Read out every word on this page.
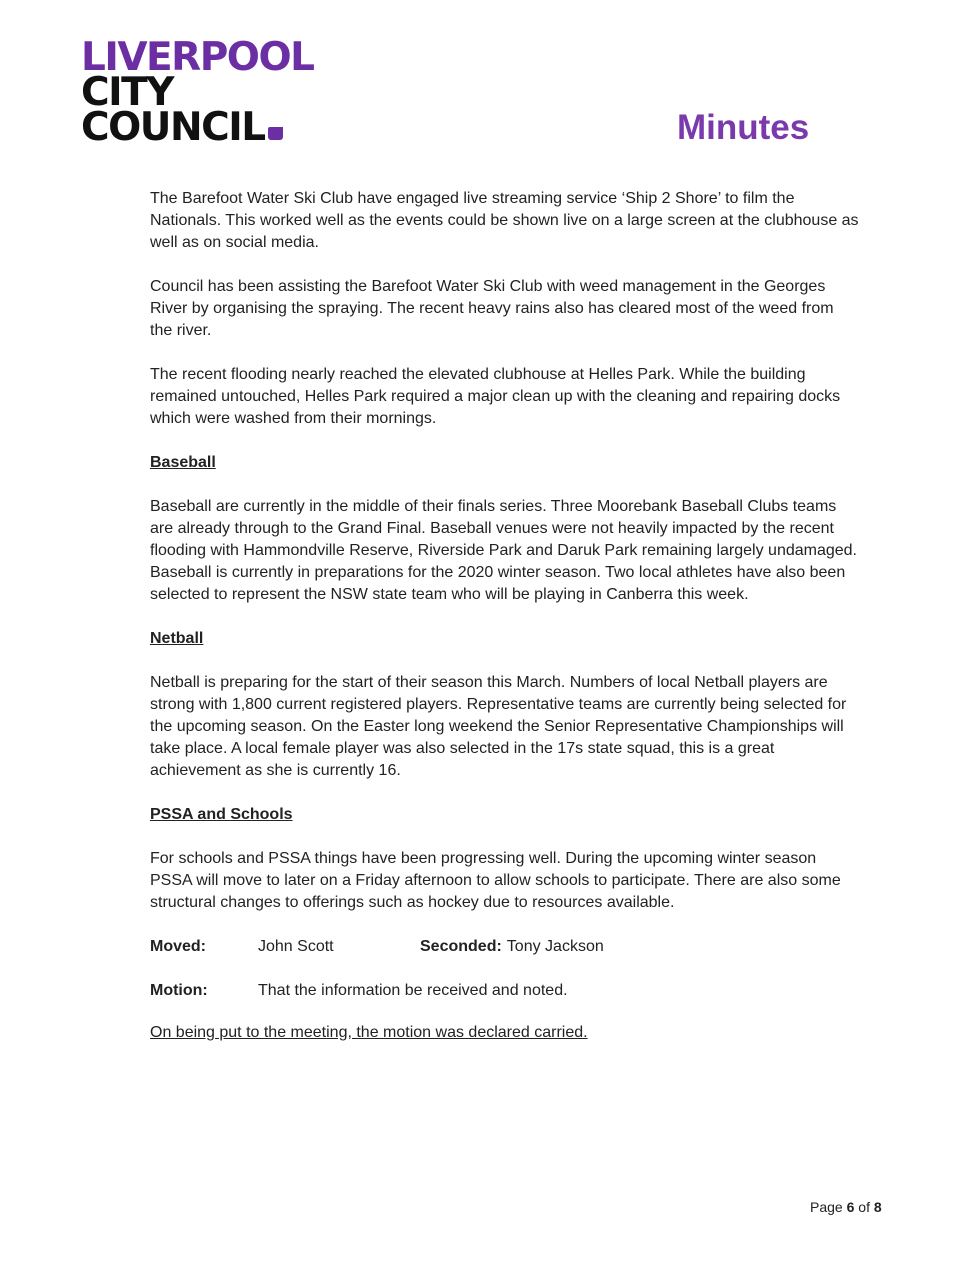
LIVERPOOL
CITY
COUNCIL	Minutes

The Barefoot Water Ski Club have engaged live streaming service ‘Ship 2 Shore’ to film the Nationals. This worked well as the events could be shown live on a large screen at the clubhouse as well as on social media.

Council has been assisting the Barefoot Water Ski Club with weed management in the Georges River by organising the spraying. The recent heavy rains also has cleared most of the weed from the river.

The recent flooding nearly reached the elevated clubhouse at Helles Park. While the building remained untouched, Helles Park required a major clean up with the cleaning and repairing docks which were washed from their mornings.

Baseball

Baseball are currently in the middle of their finals series. Three Moorebank Baseball Clubs teams are already through to the Grand Final. Baseball venues were not heavily impacted by the recent flooding with Hammondville Reserve, Riverside Park and Daruk Park remaining largely undamaged. Baseball is currently in preparations for the 2020 winter season. Two local athletes have also been selected to represent the NSW state team who will be playing in Canberra this week.

Netball

Netball is preparing for the start of their season this March. Numbers of local Netball players are strong with 1,800 current registered players. Representative teams are currently being selected for the upcoming season. On the Easter long weekend the Senior Representative Championships will take place. A local female player was also selected in the 17s state squad, this is a great achievement as she is currently 16.

PSSA and Schools

For schools and PSSA things have been progressing well. During the upcoming winter season PSSA will move to later on a Friday afternoon to allow schools to participate. There are also some structural changes to offerings such as hockey due to resources available.

Moved:	John Scott	Seconded: Tony Jackson
Motion:	That the information be received and noted.
On being put to the meeting, the motion was declared carried.
Page 6 of 8
